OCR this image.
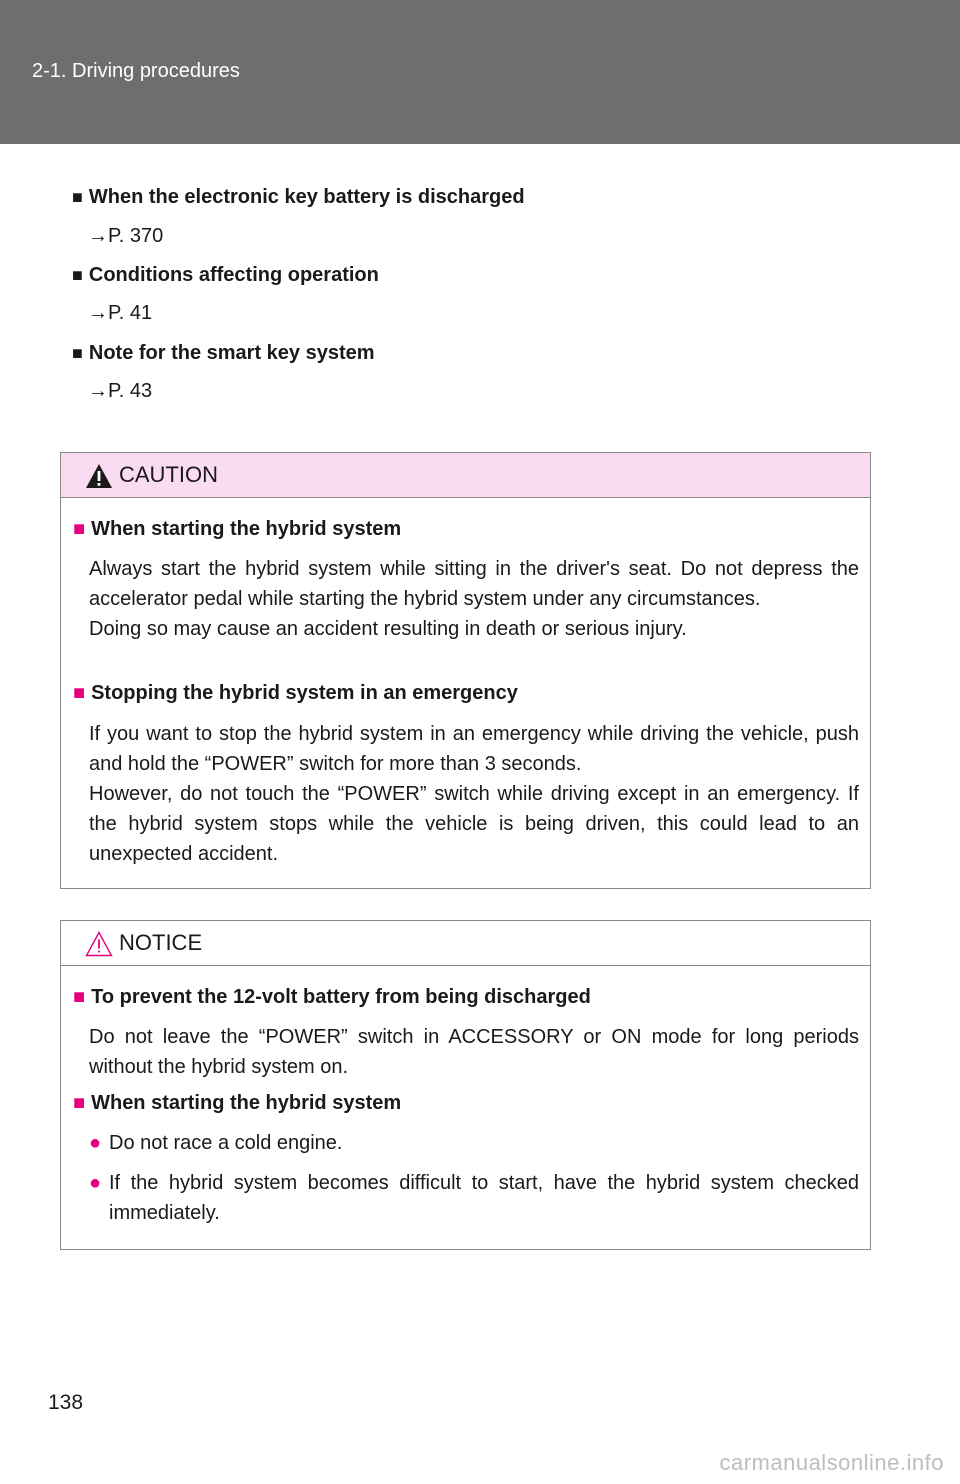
2-1. Driving procedures
■ When the electronic key battery is discharged
→P. 370
■ Conditions affecting operation
→P. 41
■ Note for the smart key system
→P. 43
CAUTION
■ When starting the hybrid system
Always start the hybrid system while sitting in the driver's seat. Do not depress the accelerator pedal while starting the hybrid system under any circumstances.
Doing so may cause an accident resulting in death or serious injury.
■ Stopping the hybrid system in an emergency
If you want to stop the hybrid system in an emergency while driving the vehicle, push and hold the “POWER” switch for more than 3 seconds.
However, do not touch the “POWER” switch while driving except in an emergency. If the hybrid system stops while the vehicle is being driven, this could lead to an unexpected accident.
NOTICE
■ To prevent the 12-volt battery from being discharged
Do not leave the “POWER” switch in ACCESSORY or ON mode for long periods without the hybrid system on.
■ When starting the hybrid system
● Do not race a cold engine.
● If the hybrid system becomes difficult to start, have the hybrid system checked immediately.
138
carmanualsonline.info
